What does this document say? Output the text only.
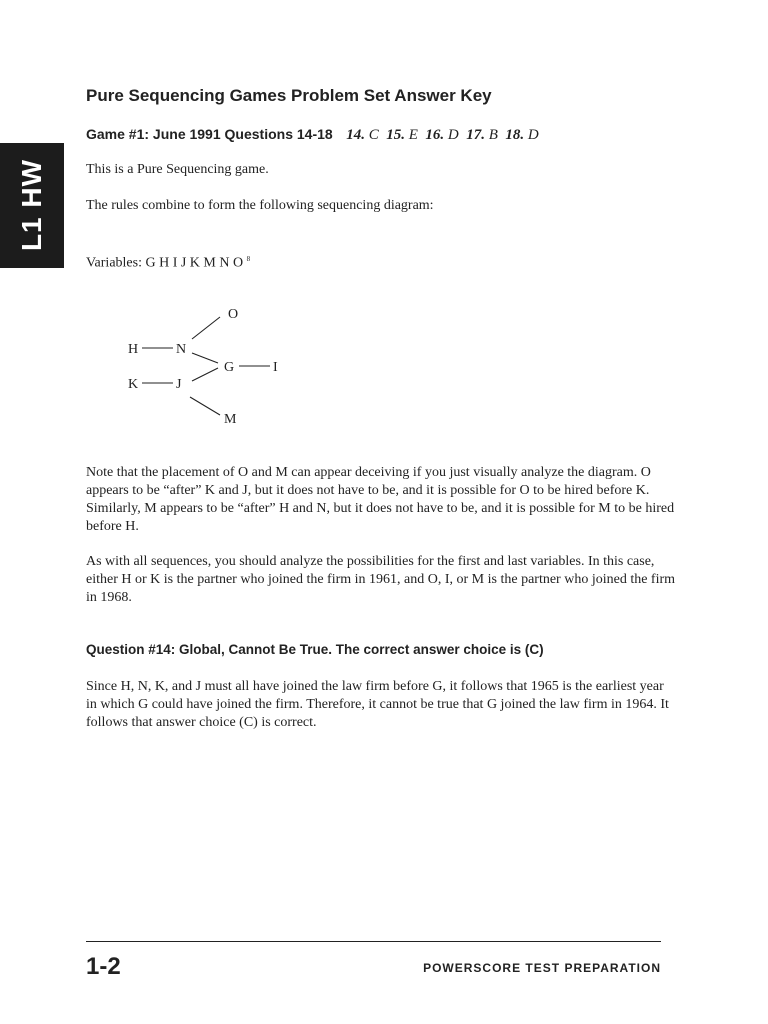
L1 HW
Pure Sequencing Games Problem Set Answer Key
Game #1: June 1991 Questions 14-18 14. C 15. E 16. D 17. B 18. D
This is a Pure Sequencing game.
The rules combine to form the following sequencing diagram:
Variables: G H I J K M N O $^8$
H	N
O
K	J
G	I
M
Note that the placement of O and M can appear deceiving if you just visually analyze the diagram. O appears to be “after” K and J, but it does not have to be, and it is possible for O to be hired before K. Similarly, M appears to be “after” H and N, but it does not have to be, and it is possible for M to be hired before H.
As with all sequences, you should analyze the possibilities for the first and last variables. In this case, either H or K is the partner who joined the firm in 1961, and O, I, or M is the partner who joined the firm in 1968.
Question #14: Global, Cannot Be True. The correct answer choice is (C)
Since H, N, K, and J must all have joined the law firm before G, it follows that 1965 is the earliest year in which G could have joined the firm. Therefore, it cannot be true that G joined the law firm in 1964. It follows that answer choice (C) is correct.
1-2	POWERSCORE TEST PREPARATION
